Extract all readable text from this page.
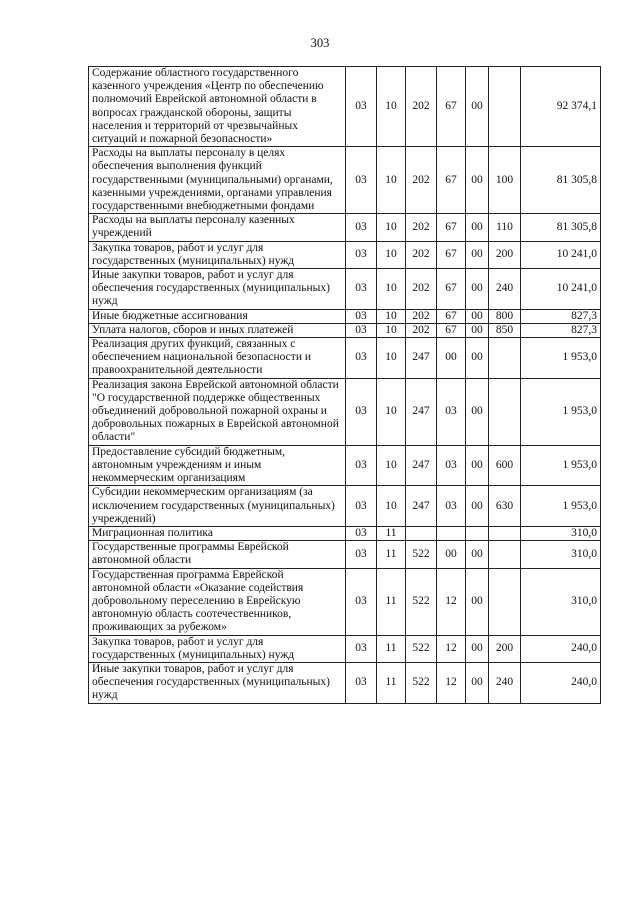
303
Содержание областного государственного казенного учреждения «Центр по обеспечению полномочий Еврейской автономной области в вопросах гражданской обороны, защиты населения и территорий от чрезвычайных ситуаций и пожарной безопасности»	03	10	202	67	00		92 374,1
Расходы на выплаты персоналу в целях обеспечения выполнения функций государственными (муниципальными) органами, казенными учреждениями, органами управления государственными внебюджетными фондами	03	10	202	67	00	100	81 305,8
Расходы на выплаты персоналу казенных учреждений	03	10	202	67	00	110	81 305,8
Закупка товаров, работ и услуг для государственных (муниципальных) нужд	03	10	202	67	00	200	10 241,0
Иные закупки товаров, работ и услуг для обеспечения государственных (муниципальных) нужд	03	10	202	67	00	240	10 241,0
Иные бюджетные ассигнования	03	10	202	67	00	800	827,3
Уплата налогов, сборов и иных платежей	03	10	202	67	00	850	827,3
Реализация других функций, связанных с обеспечением национальной безопасности и правоохранительной деятельности	03	10	247	00	00		1 953,0
Реализация закона Еврейской автономной области "О государственной поддержке общественных объединений добровольной пожарной охраны и добровольных пожарных в Еврейской автономной области"	03	10	247	03	00		1 953,0
Предоставление субсидий бюджетным, автономным учреждениям и иным некоммерческим организациям	03	10	247	03	00	600	1 953,0
Субсидии некоммерческим организациям (за исключением государственных (муниципальных) учреждений)	03	10	247	03	00	630	1 953,0
Миграционная политика	03	11					310,0
Государственные программы Еврейской автономной области	03	11	522	00	00		310,0
Государственная программа Еврейской автономной области «Оказание содействия добровольному переселению в Еврейскую автономную область соотечественников, проживающих за рубежом»	03	11	522	12	00		310,0
Закупка товаров, работ и услуг для государственных (муниципальных) нужд	03	11	522	12	00	200	240,0
Иные закупки товаров, работ и услуг для обеспечения государственных (муниципальных) нужд	03	11	522	12	00	240	240,0
